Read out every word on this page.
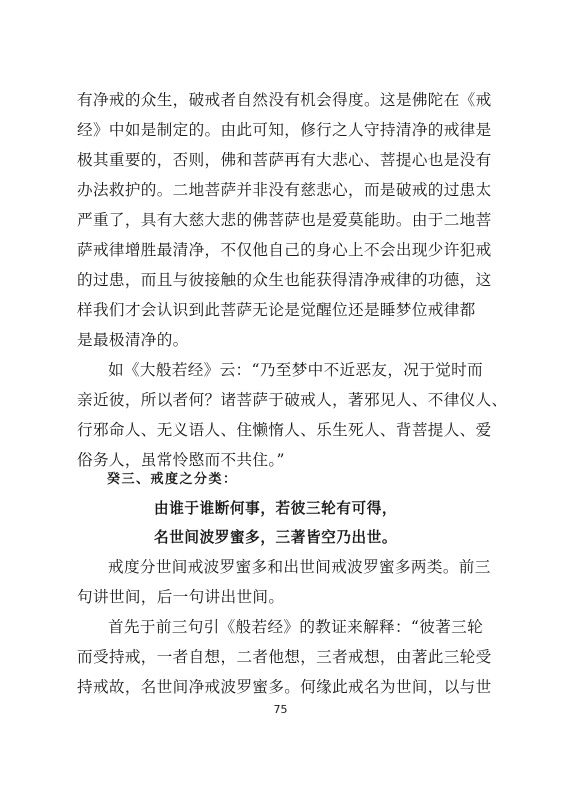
有净戒的众生，破戒者自然没有机会得度。这是佛陀在《戒
经》中如是制定的。由此可知，修行之人守持清净的戒律是
极其重要的，否则，佛和菩萨再有大悲心、菩提心也是没有
办法救护的。二地菩萨并非没有慈悲心，而是破戒的过患太
严重了，具有大慈大悲的佛菩萨也是爱莫能助。由于二地菩
萨戒律增胜最清净，不仅他自己的身心上不会出现少许犯戒
的过患，而且与彼接触的众生也能获得清净戒律的功德，这
样我们才会认识到此菩萨无论是觉醒位还是睡梦位戒律都
是最极清净的。
如《大般若经》云：“乃至梦中不近恶友，况于觉时而
亲近彼，所以者何？诸菩萨于破戒人，著邪见人、不律仪人、
行邪命人、无义语人、住懒惰人、乐生死人、背菩提人、爱
俗务人，虽常怜愍而不共住。”
癸三、戒度之分类：
由谁于谁断何事，若彼三轮有可得，
名世间波罗蜜多，三著皆空乃出世。
戒度分世间戒波罗蜜多和出世间戒波罗蜜多两类。前三
句讲世间，后一句讲出世间。
首先于前三句引《般若经》的教证来解释：“彼著三轮
而受持戒，一者自想，二者他想，三者戒想，由著此三轮受
持戒故，名世间净戒波罗蜜多。何缘此戒名为世间，以与世
75
